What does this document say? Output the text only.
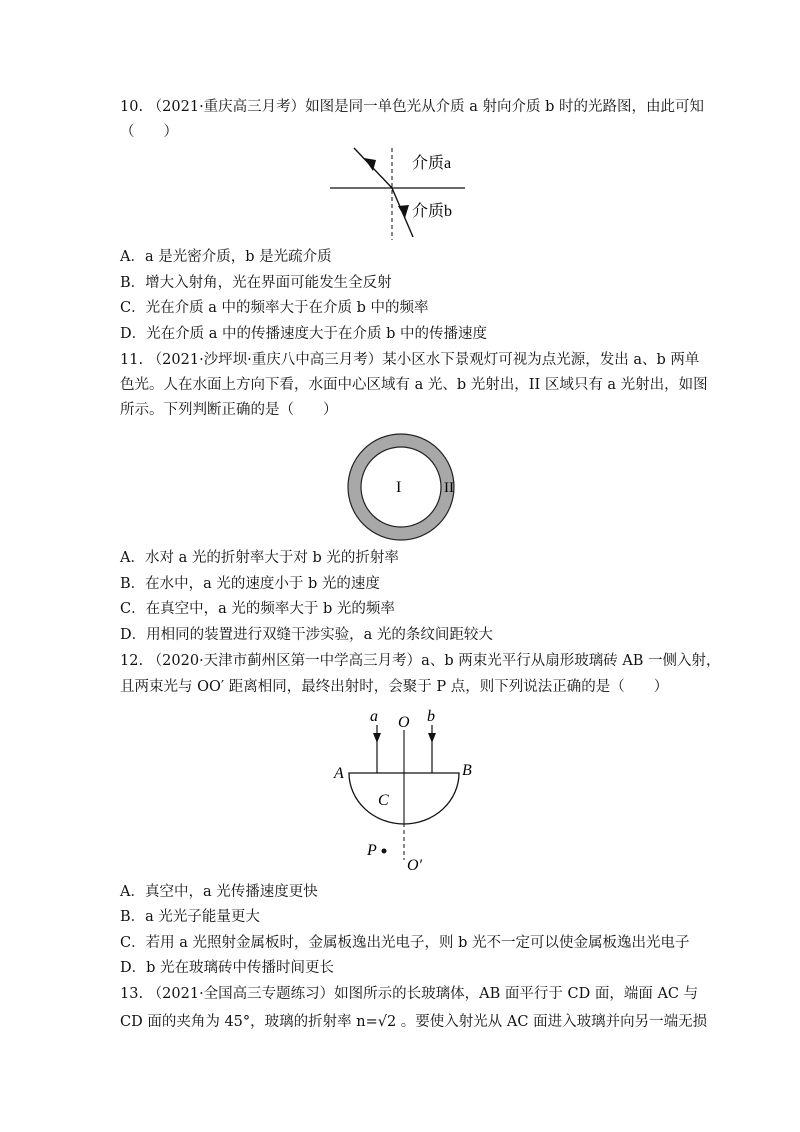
10. （2021·重庆高三月考）如图是同一单色光从介质 a 射向介质 b 时的光路图，由此可知
（　　）
介质a
介质b
A．a 是光密介质，b 是光疏介质
B．增大入射角，光在界面可能发生全反射
C．光在介质 a 中的频率大于在介质 b 中的频率
D．光在介质 a 中的传播速度大于在介质 b 中的传播速度
11. （2021·沙坪坝·重庆八中高三月考）某小区水下景观灯可视为点光源，发出 a、b 两单
色光。人在水面上方向下看，水面中心区域有 a 光、b 光射出，II 区域只有 a 光射出，如图
所示。下列判断正确的是（　　）
I	II
A．水对 a 光的折射率大于对 b 光的折射率
B．在水中，a 光的速度小于 b 光的速度
C．在真空中，a 光的频率大于 b 光的频率
D．用相同的装置进行双缝干涉实验，a 光的条纹间距较大
12. （2020·天津市蓟州区第一中学高三月考）a、b 两束光平行从扇形玻璃砖 AB 一侧入射，
且两束光与 OO′ 距离相同，最终出射时，会聚于 P 点，则下列说法正确的是（　　）
a O b
A	B
C
P
O′
A．真空中，a 光传播速度更快
B．a 光光子能量更大
C．若用 a 光照射金属板时，金属板逸出光电子，则 b 光不一定可以使金属板逸出光电子
D．b 光在玻璃砖中传播时间更长
13. （2021·全国高三专题练习）如图所示的长玻璃体，AB 面平行于 CD 面，端面 AC 与
CD 面的夹角为 45°，玻璃的折射率 n=√2 。要使入射光从 AC 面进入玻璃并向另一端无损
